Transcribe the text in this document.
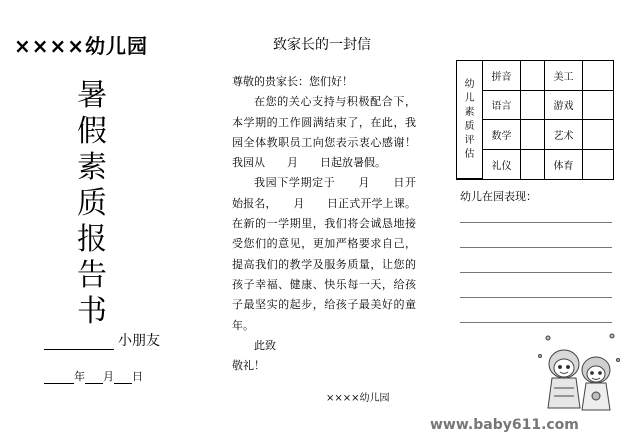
××××幼儿园
暑
假
素
质
报
告
书
小朋友
年 月 日
致家长的一封信

尊敬的贵家长：您们好！

在您的关心支持与积极配合下，本学期的工作圆满结束了，在此，我园全体教职员工向您表示衷心感谢！我园从　　月　　日起放暑假。

我园下学期定于　　月　　日开始报名，　　月　　日正式开学上课。在新的一学期里，我们将会诚恳地接受您们的意见，更加严格要求自己，提高我们的教学及服务质量，让您的孩子幸福、健康、快乐每一天，给孩子最坚实的起步，给孩子最美好的童年。

此致

敬礼！

××××幼儿园
幼
儿
素
质
评
估
拼音	美工
语言	游戏
数学	艺术
礼仪	体育
幼儿在园表现：
www.baby611.com
